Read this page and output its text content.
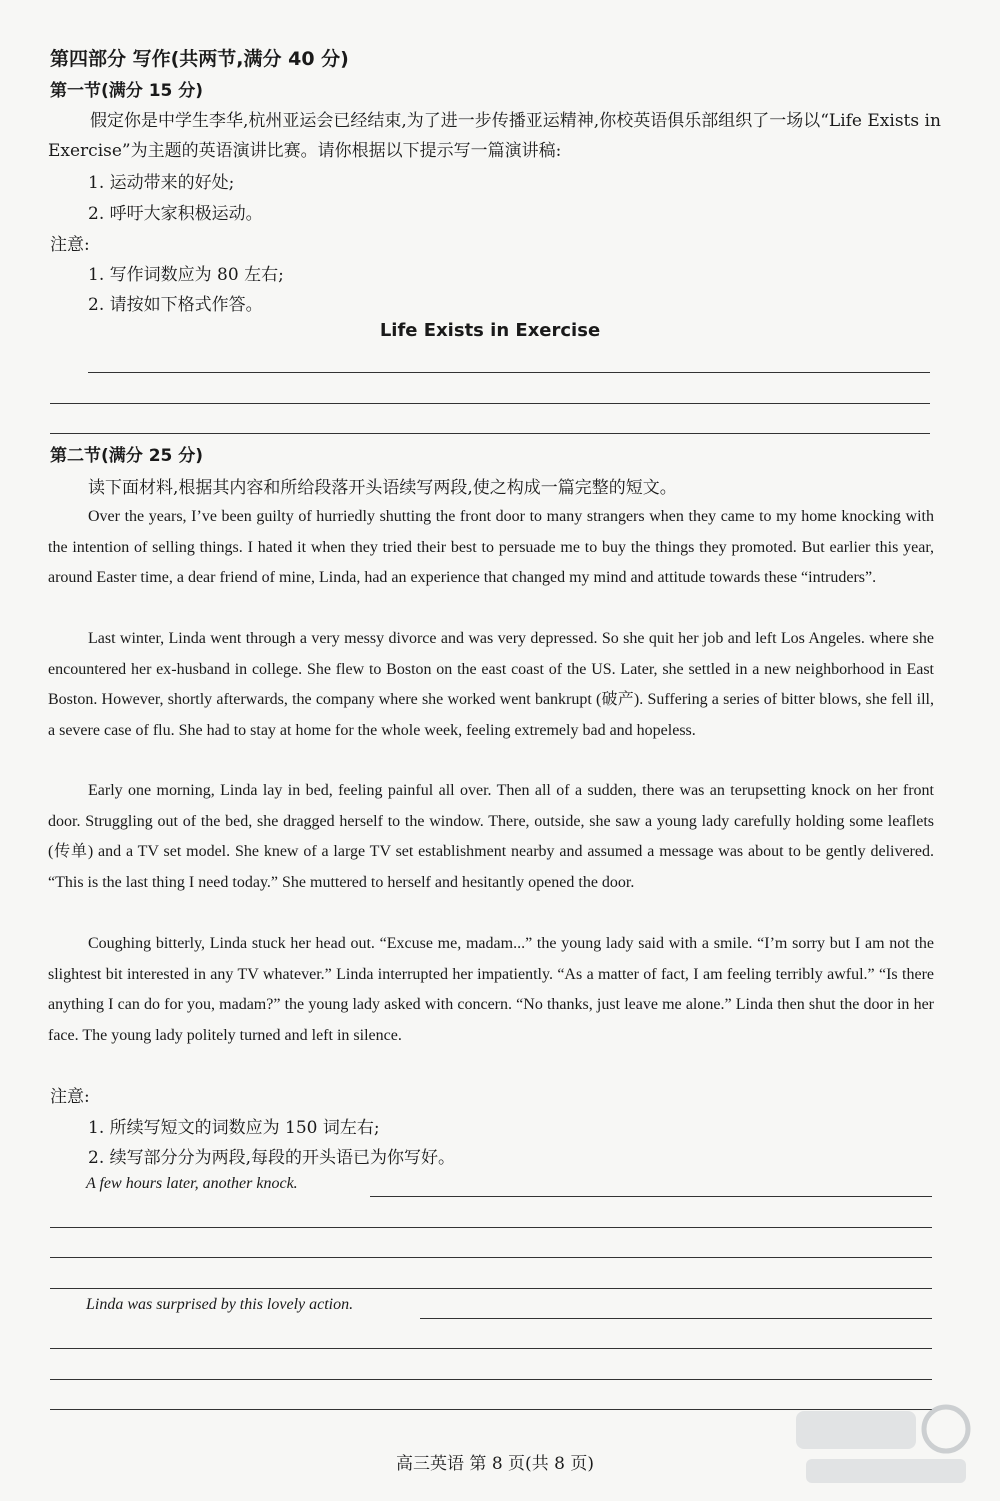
第四部分 写作(共两节,满分 40 分)
第一节(满分 15 分)
假定你是中学生李华,杭州亚运会已经结束,为了进一步传播亚运精神,你校英语俱乐部组织了一场以“Life Exists in Exercise”为主题的英语演讲比赛。请你根据以下提示写一篇演讲稿:
1. 运动带来的好处;
2. 呼吁大家积极运动。
注意:
1. 写作词数应为 80 左右;
2. 请按如下格式作答。
Life Exists in Exercise
第二节(满分 25 分)
读下面材料,根据其内容和所给段落开头语续写两段,使之构成一篇完整的短文。
Over the years, I’ve been guilty of hurriedly shutting the front door to many strangers when they came to my home knocking with the intention of selling things. I hated it when they tried their best to persuade me to buy the things they promoted. But earlier this year, around Easter time, a dear friend of mine, Linda, had an experience that changed my mind and attitude towards these “intruders”.
Last winter, Linda went through a very messy divorce and was very depressed. So she quit her job and left Los Angeles. where she encountered her ex-husband in college. She flew to Boston on the east coast of the US. Later, she settled in a new neighborhood in East Boston. However, shortly afterwards, the company where she worked went bankrupt (破产). Suffering a series of bitter blows, she fell ill, a severe case of flu. She had to stay at home for the whole week, feeling extremely bad and hopeless.
Early one morning, Linda lay in bed, feeling painful all over. Then all of a sudden, there was an terupsetting knock on her front door. Struggling out of the bed, she dragged herself to the window. There, outside, she saw a young lady carefully holding some leaflets (传单) and a TV set model. She knew of a large TV set establishment nearby and assumed a message was about to be gently delivered. “This is the last thing I need today.” She muttered to herself and hesitantly opened the door.
Coughing bitterly, Linda stuck her head out. “Excuse me, madam...” the young lady said with a smile. “I’m sorry but I am not the slightest bit interested in any TV whatever.” Linda interrupted her impatiently. “As a matter of fact, I am feeling terribly awful.” “Is there anything I can do for you, madam?” the young lady asked with concern. “No thanks, just leave me alone.” Linda then shut the door in her face. The young lady politely turned and left in silence.
注意:
1. 所续写短文的词数应为 150 词左右;
2. 续写部分分为两段,每段的开头语已为你写好。
A few hours later, another knock.
Linda was surprised by this lovely action.
高三英语 第 8 页(共 8 页)
